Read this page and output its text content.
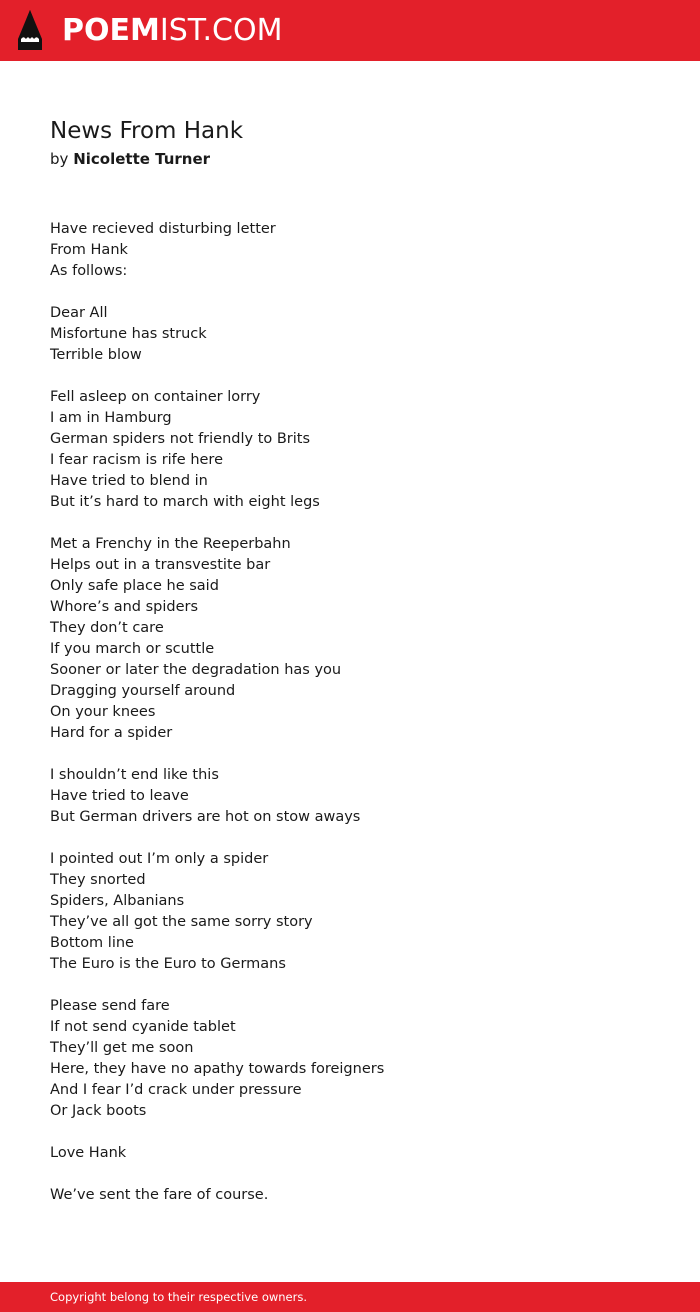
POEMIST.COM
News From Hank
by Nicolette Turner
Have recieved disturbing letter
From Hank
As follows:
Dear All
Misfortune has struck
Terrible blow
Fell asleep on container lorry
I am in Hamburg
German spiders not friendly to Brits
I fear racism is rife here
Have tried to blend in
But it’s hard to march with eight legs
Met a Frenchy in the Reeperbahn
Helps out in a transvestite bar
Only safe place he said
Whore’s and spiders
They don’t care
If you march or scuttle
Sooner or later the degradation has you
Dragging yourself around
On your knees
Hard for a spider
I shouldn’t end like this
Have tried to leave
But German drivers are hot on stow aways
I pointed out I’m only a spider
They snorted
Spiders, Albanians
They’ve all got the same sorry story
Bottom line
The Euro is the Euro to Germans
Please send fare
If not send cyanide tablet
They’ll get me soon
Here, they have no apathy towards foreigners
And I fear I’d crack under pressure
Or Jack boots
Love Hank
We’ve sent the fare of course.
Copyright belong to their respective owners.
